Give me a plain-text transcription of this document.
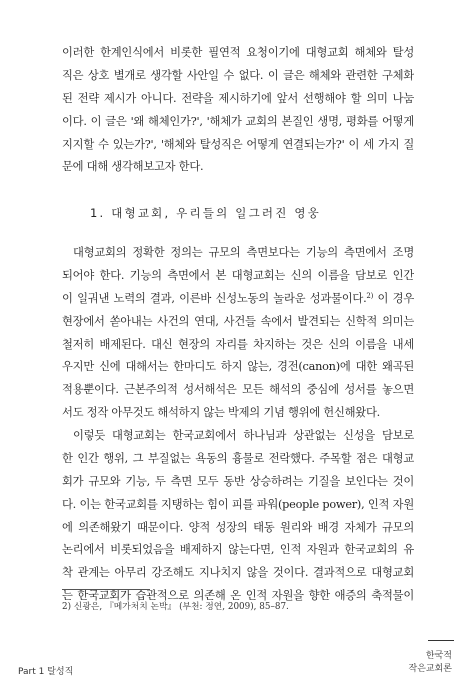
이러한 한계인식에서 비롯한 필연적 요청이기에 대형교회 해체와 탈성
직은 상호 별개로 생각할 사안일 수 없다. 이 글은 해체와 관련한 구체화
된 전략 제시가 아니다. 전략을 제시하기에 앞서 선행해야 할 의미 나눔
이다. 이 글은 '왜 해체인가?', '해체가 교회의 본질인 생명, 평화를 어떻게
지지할 수 있는가?', '해체와 탈성직은 어떻게 연결되는가?' 이 세 가지 질
문에 대해 생각해보고자 한다.
1. 대형교회, 우리들의 일그러진 영웅
대형교회의 정확한 정의는 규모의 측면보다는 기능의 측면에서 조명
되어야 한다. 기능의 측면에서 본 대형교회는 신의 이름을 담보로 인간
이 일궈낸 노력의 결과, 이른바 신성노동의 놀라운 성과물이다.$^{2)}$ 이 경우
현장에서 쏟아내는 사건의 연대, 사건들 속에서 발견되는 신학적 의미는
철저히 배제된다. 대신 현장의 자리를 차지하는 것은 신의 이름을 내세
우지만 신에 대해서는 한마디도 하지 않는, 경전(canon)에 대한 왜곡된
적용뿐이다. 근본주의적 성서해석은 모든 해석의 중심에 성서를 놓으면
서도 정작 아무것도 해석하지 않는 박제의 기념 행위에 헌신해왔다.
이렇듯 대형교회는 한국교회에서 하나님과 상관없는 신성을 담보로
한 인간 행위, 그 부질없는 욕동의 흉물로 전락했다. 주목할 점은 대형교
회가 규모와 기능, 두 측면 모두 동반 상승하려는 기질을 보인다는 것이
다. 이는 한국교회를 지탱하는 힘이 피를 파워(people power), 인적 자원
에 의존해왔기 때문이다. 양적 성장의 태동 원리와 배경 자체가 규모의
논리에서 비롯되었음을 배제하지 않는다면, 인적 자원과 한국교회의 유
착 관계는 아무리 강조해도 지나치지 않을 것이다. 결과적으로 대형교회
는 한국교회가 습관적으로 의존해 온 인적 자원을 향한 애증의 축적물이
2) 신광은, 『메가처치 논박』 (부천: 정연, 2009), 85–87.
한국적
작은교회론
Part 1 탈성직
